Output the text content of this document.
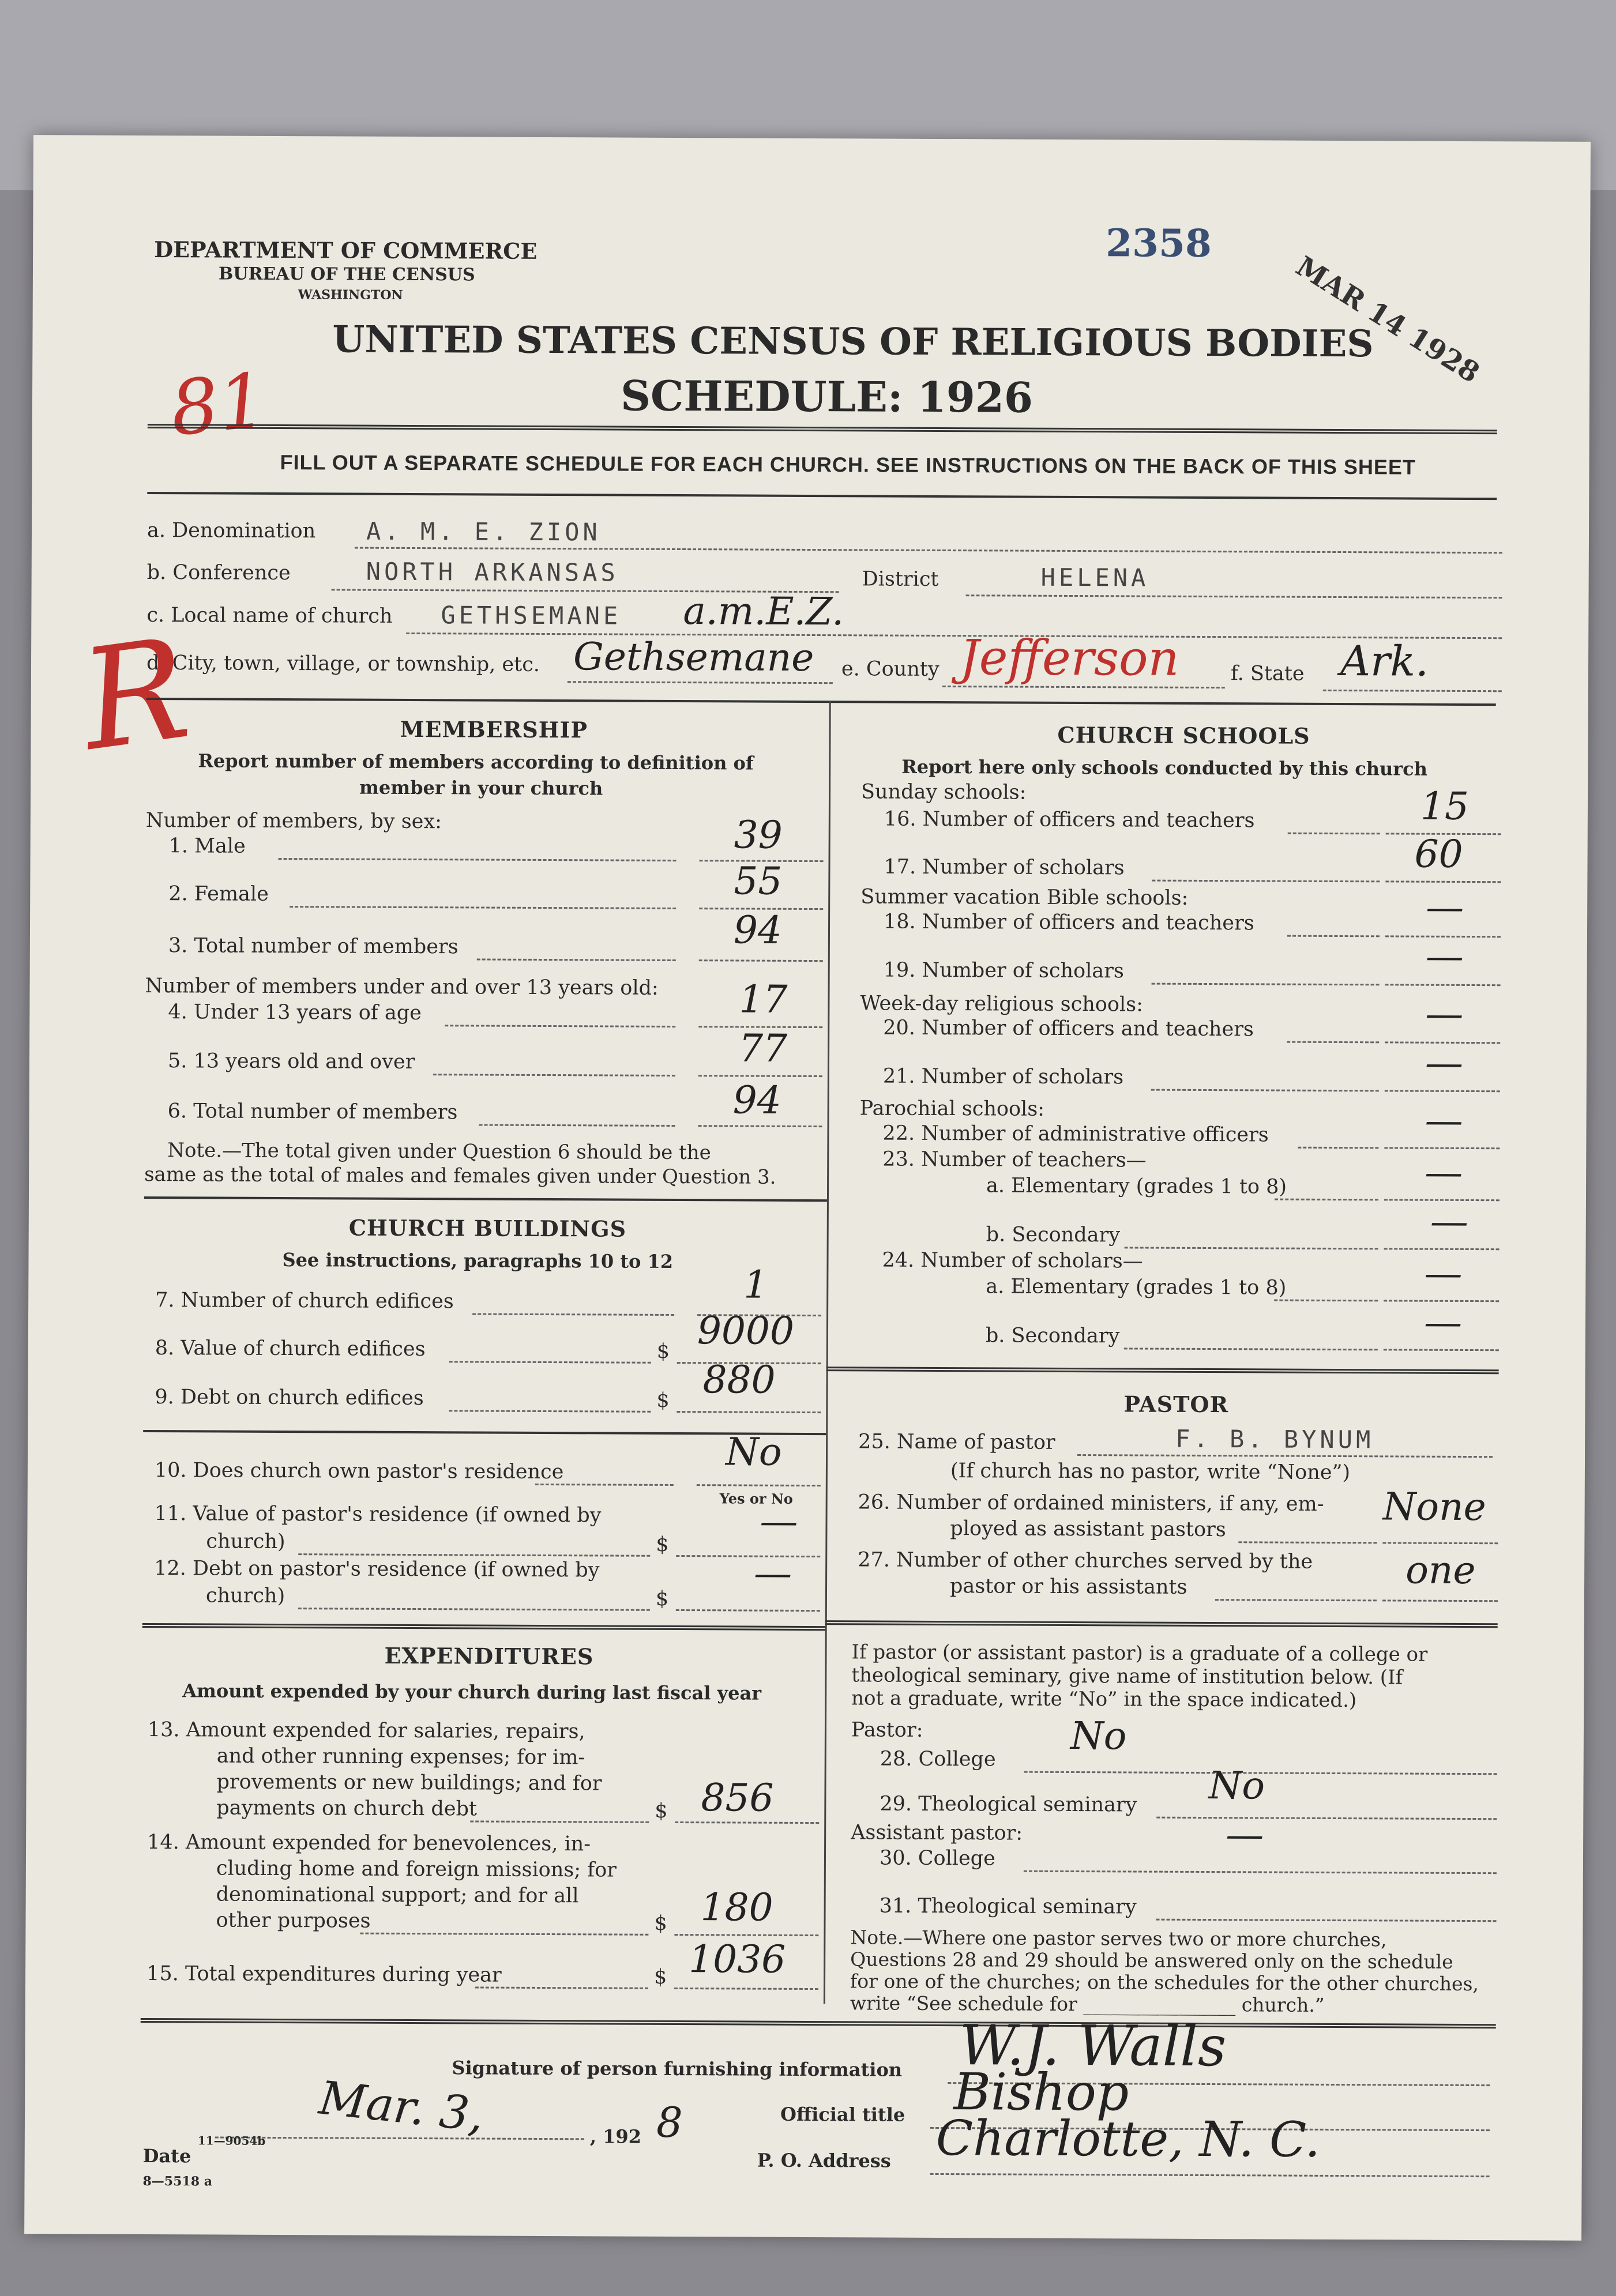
DEPARTMENT OF COMMERCE
BUREAU OF THE CENSUS
WASHINGTON
2358
MAR 14 1928
UNITED STATES CENSUS OF RELIGIOUS BODIES
SCHEDULE: 1926
81
FILL OUT A SEPARATE SCHEDULE FOR EACH CHURCH. SEE INSTRUCTIONS ON THE BACK OF THIS SHEET
a. Denomination A. M. E. ZION
b. Conference	NORTH ARKANSAS	District	HELENA
c. Local name of church GETHSEMANE a.m.E.Z.
d. City, town, village, or township, etc. Gethsemane e. County Jefferson	f. State Ark.
R	MEMBERSHIP
Report number of members according to definition of
member in your church
Number of members, by sex:
1. Male	39
2. Female	55
3. Total number of members	94
Number of members under and over 13 years old:
4. Under 13 years of age	17
5. 13 years old and over	77
6. Total number of members	94
Note.—The total given under Question 6 should be the
same as the total of males and females given under Question 3.
CHURCH BUILDINGS
See instructions, paragraphs 10 to 12
7. Number of church edifices	1
8. Value of church edifices	$ 9000
9. Debt on church edifices	$ 880
10. Does church own pastor's residence	No
Yes or No
11. Value of pastor's residence (if owned by
church)	$
—
12. Debt on pastor's residence (if owned by
church)	$
—
EXPENDITURES
Amount expended by your church during last fiscal year
13. Amount expended for salaries, repairs,
and other running expenses; for im-
provements or new buildings; and for
payments on church debt	$ 856
14. Amount expended for benevolences, in-
cluding home and foreign missions; for
denominational support; and for all
other purposes	$ 180
15. Total expenditures during year	$ 1036
CHURCH SCHOOLS
Report here only schools conducted by this church
Sunday schools:
16. Number of officers and teachers	15
17. Number of scholars	60
Summer vacation Bible schools:
18. Number of officers and teachers	—
19. Number of scholars	—
Week-day religious schools:
20. Number of officers and teachers	—
21. Number of scholars	—
Parochial schools:
22. Number of administrative officers	—
23. Number of teachers—
a. Elementary (grades 1 to 8)	—
b. Secondary	—
24. Number of scholars—
a. Elementary (grades 1 to 8)	—
b. Secondary	—
PASTOR
25. Name of pastor	F. B. BYNUM
(If church has no pastor, write “None”)
26. Number of ordained ministers, if any, em-
ployed as assistant pastors	None
27. Number of other churches served by the
pastor or his assistants	one
If pastor (or assistant pastor) is a graduate of a college or
theological seminary, give name of institution below. (If
not a graduate, write “No” in the space indicated.)
Pastor:
28. College
No
29. Theological seminary No
Assistant pastor:
30. College
—
31. Theological seminary
Note.—Where one pastor serves two or more churches,
Questions 28 and 29 should be answered only on the schedule
for one of the churches; on the schedules for the other churches,
write “See schedule for ________________ church.”
Signature of person furnishing information W.J. Walls
Official title Bishop
Date
Mar. 3,	, 192 8
P. O. Address Charlotte, N. C.
11—9054b
8—5518 a
